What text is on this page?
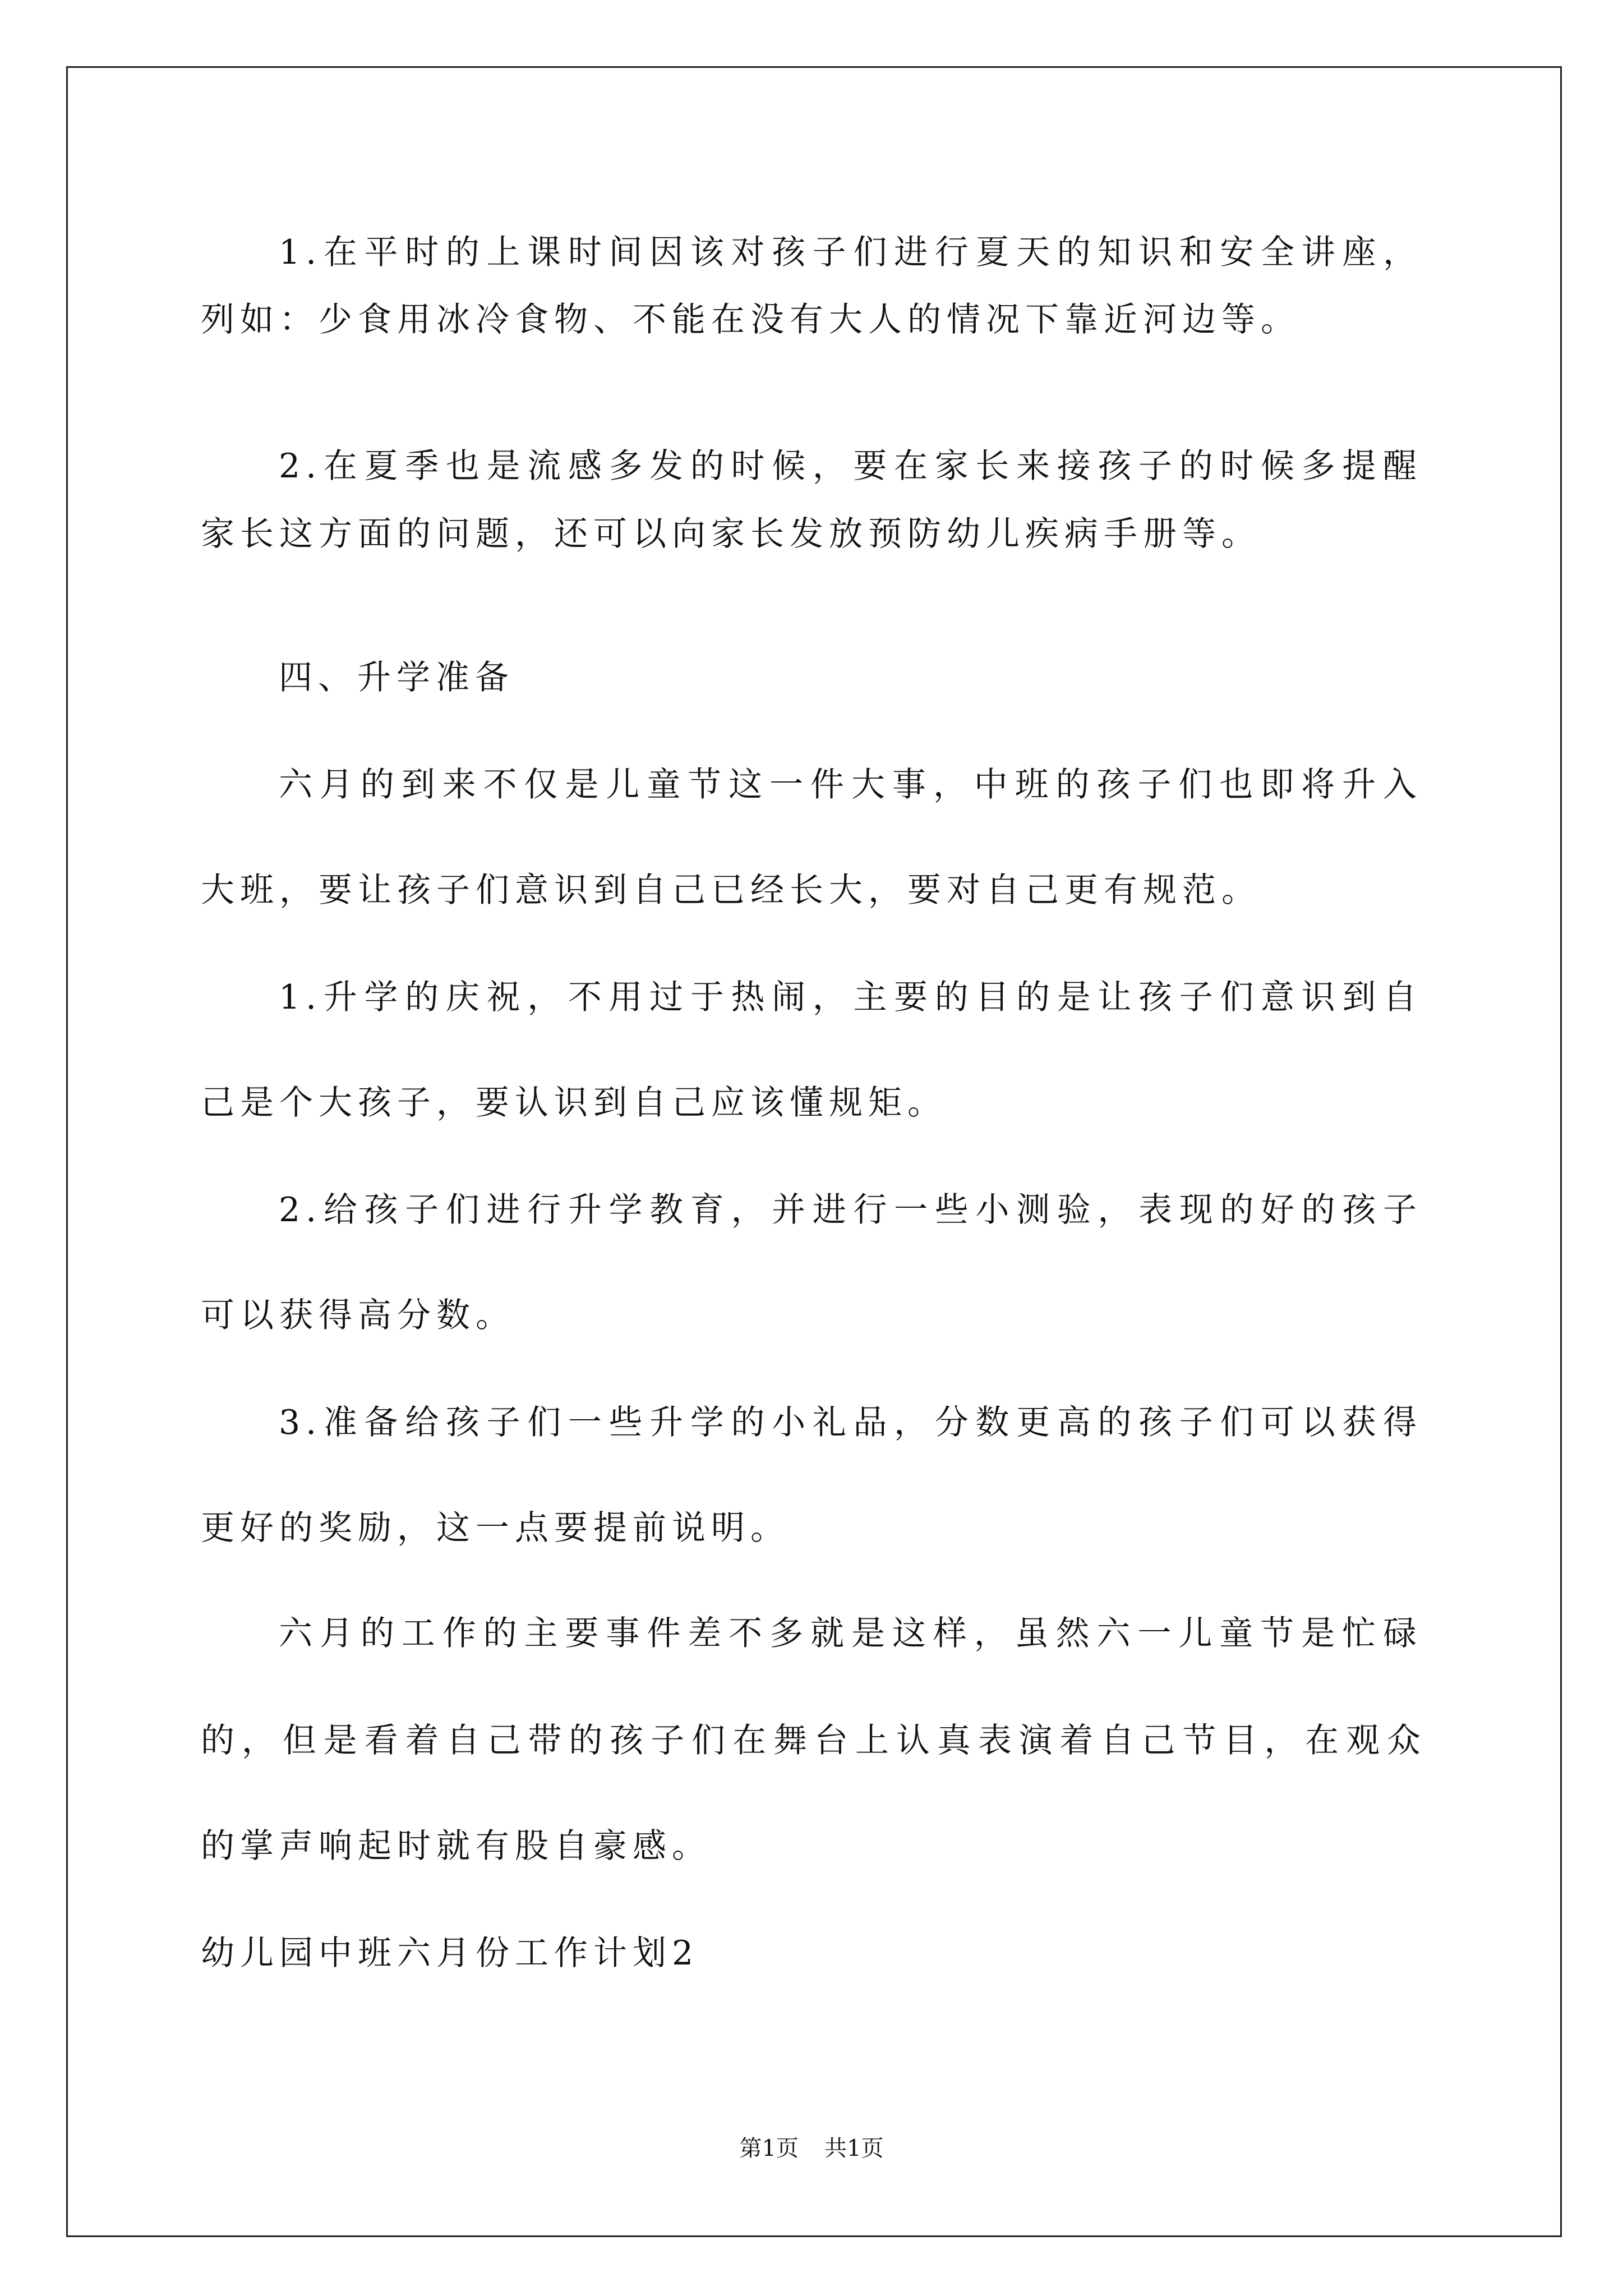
1.在平时的上课时间因该对孩子们进行夏天的知识和安全讲座，
列如：少食用冰冷食物、不能在没有大人的情况下靠近河边等。
2.在夏季也是流感多发的时候，要在家长来接孩子的时候多提醒
家长这方面的问题，还可以向家长发放预防幼儿疾病手册等。
四、升学准备
六月的到来不仅是儿童节这一件大事，中班的孩子们也即将升入
大班，要让孩子们意识到自己已经长大，要对自己更有规范。
1.升学的庆祝，不用过于热闹，主要的目的是让孩子们意识到自
己是个大孩子，要认识到自己应该懂规矩。
2.给孩子们进行升学教育，并进行一些小测验，表现的好的孩子
可以获得高分数。
3.准备给孩子们一些升学的小礼品，分数更高的孩子们可以获得
更好的奖励，这一点要提前说明。
六月的工作的主要事件差不多就是这样，虽然六一儿童节是忙碌
的，但是看着自己带的孩子们在舞台上认真表演着自己节目，在观众
的掌声响起时就有股自豪感。
幼儿园中班六月份工作计划2
第1页 共1页
